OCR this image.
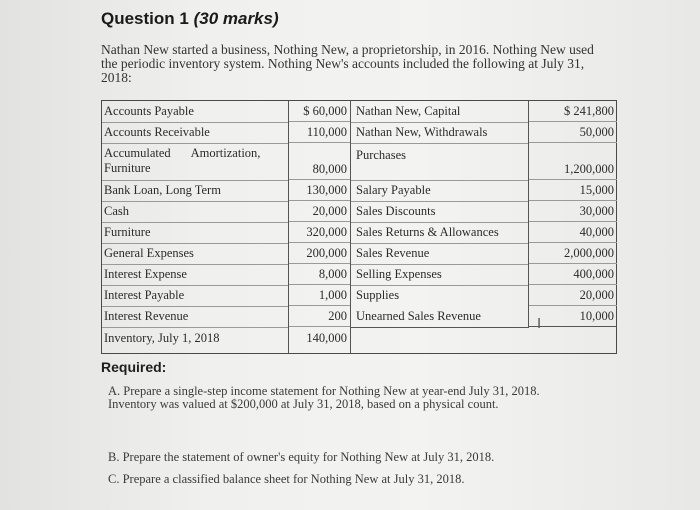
Question 1 (30 marks)
Nathan New started a business, Nothing New, a proprietorship, in 2016. Nothing New used the periodic inventory system. Nothing New's accounts included the following at July 31, 2018:
Accounts Payable
Accounts Receivable
Accumulated Amortization,
Furniture
Bank Loan, Long Term
Cash
Furniture
General Expenses
Interest Expense
Interest Payable
Interest Revenue
Inventory, July 1, 2018
$ 60,000
110,000
80,000
130,000
20,000
320,000
200,000
8,000
1,000
200
140,000
Nathan New, Capital
Nathan New, Withdrawals
Purchases
Salary Payable
Sales Discounts
Sales Returns & Allowances
Sales Revenue
Selling Expenses
Supplies
Unearned Sales Revenue
$ 241,800
50,000
1,200,000
15,000
30,000
40,000
2,000,000
400,000
20,000
10,000
Ⅰ
Required:
A. Prepare a single-step income statement for Nothing New at year-end July 31, 2018. Inventory was valued at $200,000 at July 31, 2018, based on a physical count.
B. Prepare the statement of owner's equity for Nothing New at July 31, 2018.
C. Prepare a classified balance sheet for Nothing New at July 31, 2018.
